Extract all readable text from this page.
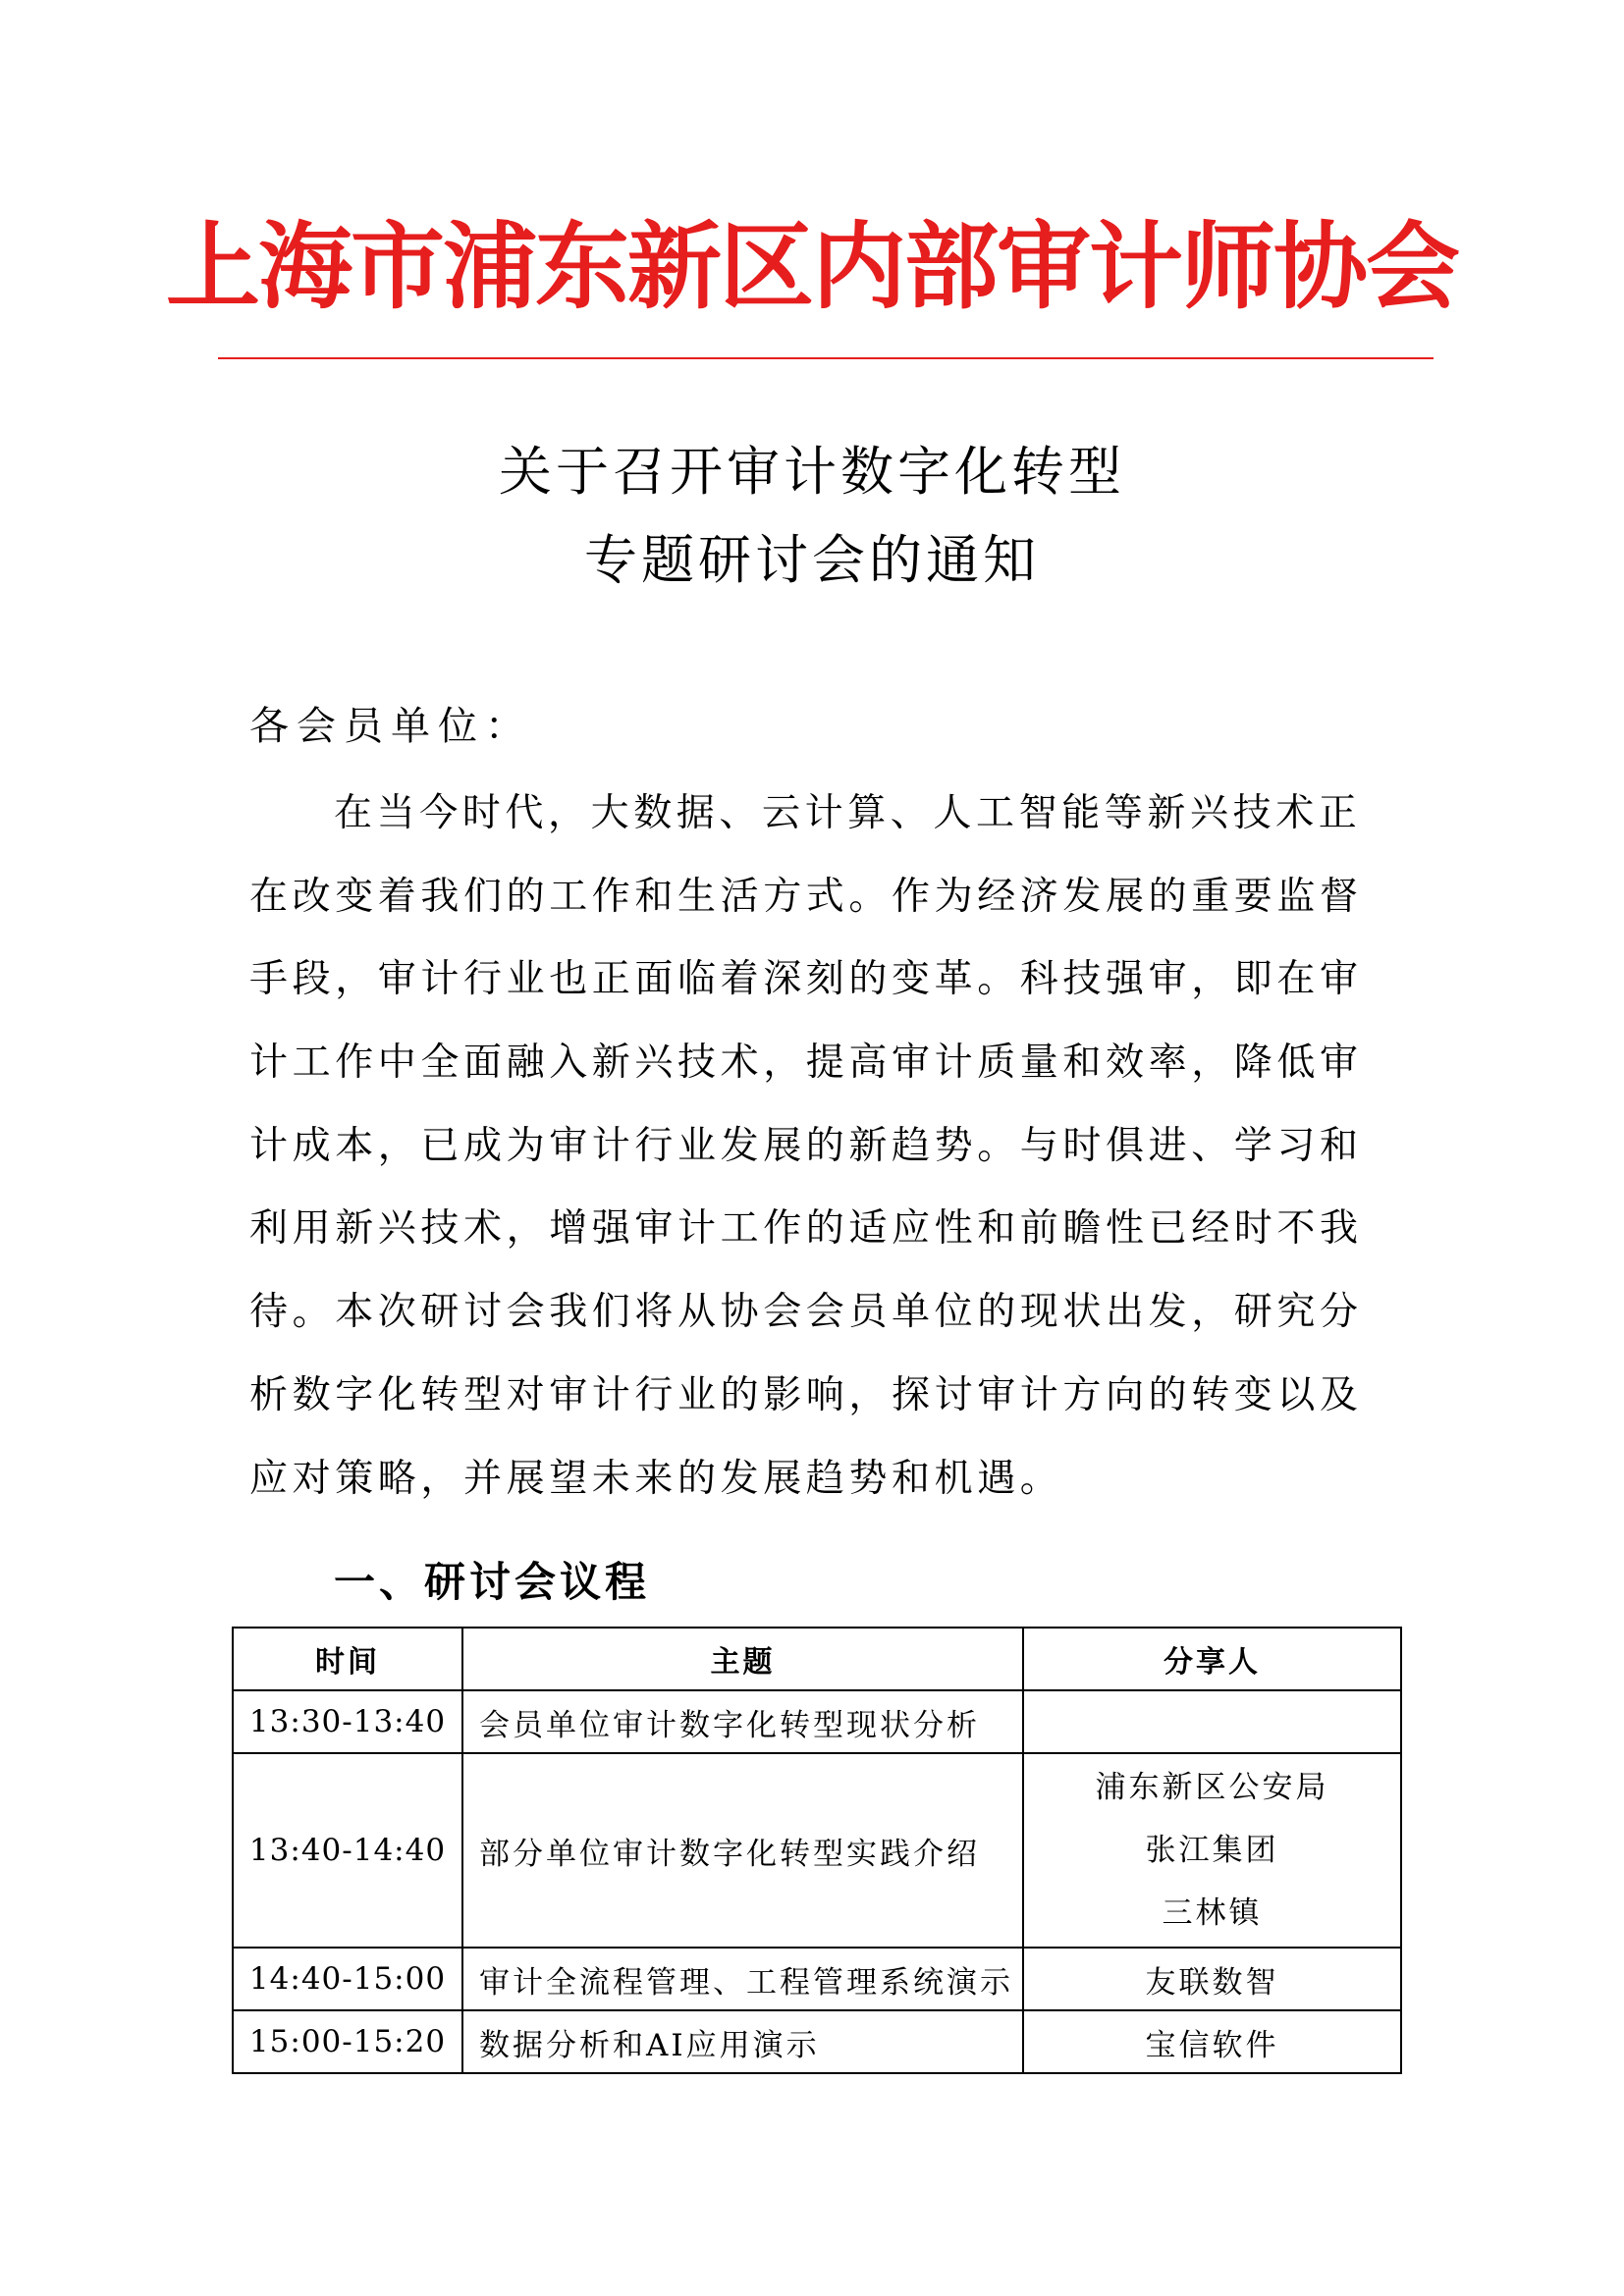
上海市浦东新区内部审计师协会
关于召开审计数字化转型
专题研讨会的通知
各会员单位：
在当今时代，大数据、云计算、人工智能等新兴技术正
在改变着我们的工作和生活方式。作为经济发展的重要监督
手段，审计行业也正面临着深刻的变革。科技强审，即在审
计工作中全面融入新兴技术，提高审计质量和效率，降低审
计成本，已成为审计行业发展的新趋势。与时俱进、学习和
利用新兴技术，增强审计工作的适应性和前瞻性已经时不我
待。本次研讨会我们将从协会会员单位的现状出发，研究分
析数字化转型对审计行业的影响，探讨审计方向的转变以及
应对策略，并展望未来的发展趋势和机遇。
一、研讨会议程
时间	主题	分享人
13:30-13:40	会员单位审计数字化转型现状分析	
13:40-14:40	部分单位审计数字化转型实践介绍	浦东新区公安局
张江集团
三林镇

14:40-15:00	审计全流程管理、工程管理系统演示	友联数智
15:00-15:20	数据分析和AI应用演示	宝信软件
